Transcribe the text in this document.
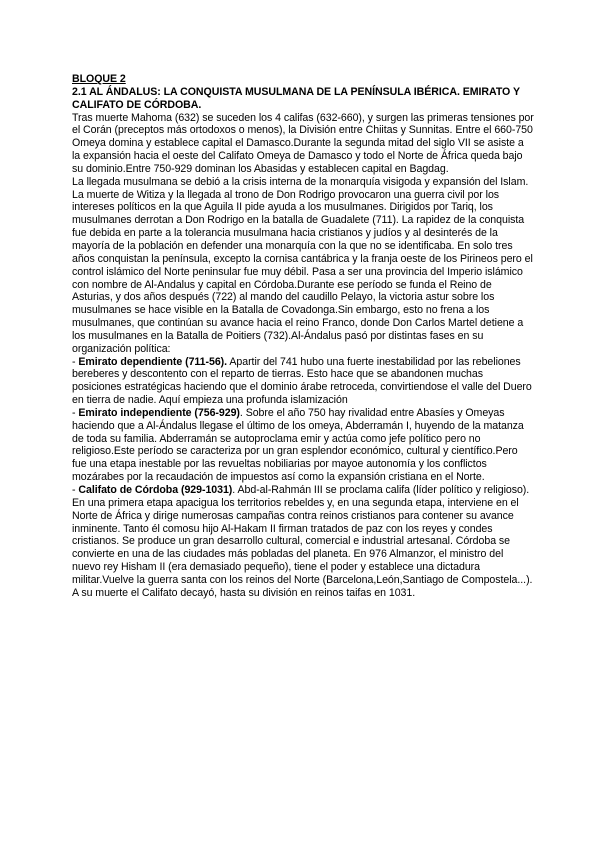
BLOQUE 2

2.1 AL ÁNDALUS: LA CONQUISTA MUSULMANA DE LA PENÍNSULA IBÉRICA. EMIRATO Y CALIFATO DE CÓRDOBA.

Tras muerte Mahoma (632) se suceden los 4 califas (632-660), y surgen las primeras tensiones por el Corán (preceptos más ortodoxos o menos), la División entre Chiitas y Sunnitas. Entre el 660-750 Omeya domina y establece capital el Damasco.Durante la segunda mitad del siglo VII se asiste a la expansión hacia el oeste del Califato Omeya de Damasco y todo el Norte de África queda bajo su dominio.Entre 750-929 dominan los Abasidas y establecen capital en Bagdag.

La llegada musulmana se debió a la crisis interna de la monarquía visigoda y expansión del Islam. La muerte de Witiza y la llegada al trono de Don Rodrigo provocaron una guerra civil por los intereses políticos en la que Aguila II pide ayuda a los musulmanes. Dirigidos por Tariq, los musulmanes derrotan a Don Rodrigo en la batalla de Guadalete (711). La rapidez de la conquista fue debida en parte a la tolerancia musulmana hacia cristianos y judíos y al desinterés de la mayoría de la población en defender una monarquía con la que no se identificaba. En solo tres años conquistan la península, excepto la cornisa cantábrica y la franja oeste de los Pirineos pero el control islámico del Norte peninsular fue muy débil. Pasa a ser una provincia del Imperio islámico con nombre de Al-Andalus y capital en Córdoba.Durante ese período se funda el Reino de Asturias, y dos años después (722) al mando del caudillo Pelayo, la victoria astur sobre los musulmanes se hace visible en la Batalla de Covadonga.Sin embargo, esto no frena a los musulmanes, que continúan su avance hacia el reino Franco, donde Don Carlos Martel detiene a los musulmanes en la Batalla de Poitiers (732).Al-Ándalus pasó por distintas fases en su organización política:

- Emirato dependiente (711-56). Apartir del 741 hubo una fuerte inestabilidad por las rebeliones bereberes y descontento con el reparto de tierras. Esto hace que se abandonen muchas posiciones estratégicas haciendo que el dominio árabe retroceda, convirtiendose el valle del Duero en tierra de nadie. Aquí empieza una profunda islamización

- Emirato independiente (756-929). Sobre el año 750 hay rivalidad entre Abasíes y Omeyas haciendo que a Al-Ándalus llegase el último de los omeya, Abderramán I, huyendo de la matanza de toda su familia. Abderramán se autoproclama emir y actúa como jefe político pero no religioso.Este período se caracteriza por un gran esplendor económico, cultural y científico.Pero fue una etapa inestable por las revueltas nobiliarias por mayoe autonomía y los conflictos mozárabes por la recaudación de impuestos así como la expansión cristiana en el Norte.

- Califato de Córdoba (929-1031). Abd-al-Rahmán III se proclama califa (líder político y religioso). En una primera etapa apacigua los territorios rebeldes y, en una segunda etapa, interviene en el Norte de África y dirige numerosas campañas contra reinos cristianos para contener su avance inminente. Tanto él comosu hijo Al-Hakam II firman tratados de paz con los reyes y condes cristianos. Se produce un gran desarrollo cultural, comercial e industrial artesanal. Córdoba se convierte en una de las ciudades más pobladas del planeta. En 976 Almanzor, el ministro del nuevo rey Hisham II (era demasiado pequeño), tiene el poder y establece una dictadura militar.Vuelve la guerra santa con los reinos del Norte (Barcelona,León,Santiago de Compostela...). A su muerte el Califato decayó, hasta su división en reinos taifas en 1031.
